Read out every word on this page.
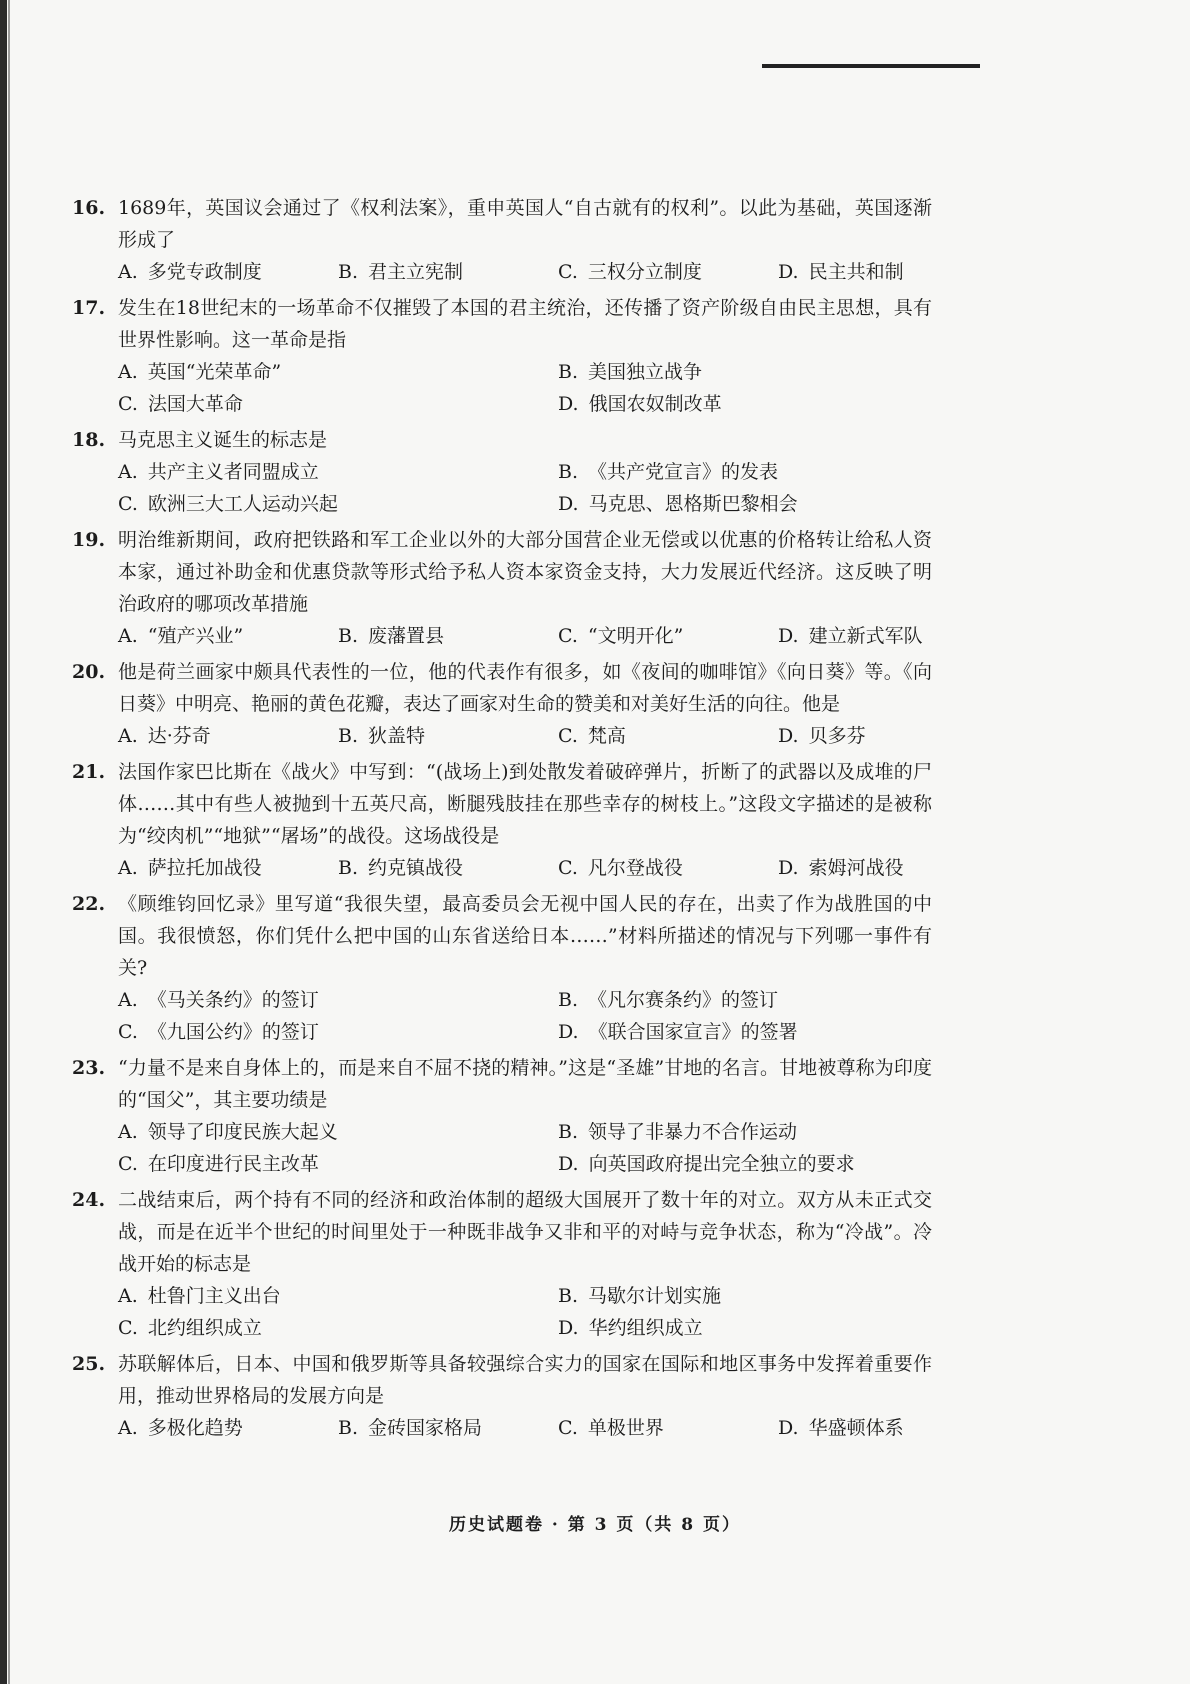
16. 1689年，英国议会通过了《权利法案》，重申英国人“自古就有的权利”。以此为基础，英国逐渐形成了
A. 多党专政制度	B. 君主立宪制	C. 三权分立制度	D. 民主共和制
17. 发生在18世纪末的一场革命不仅摧毁了本国的君主统治，还传播了资产阶级自由民主思想，具有世界性影响。这一革命是指
A. 英国“光荣革命”	B. 美国独立战争
C. 法国大革命	D. 俄国农奴制改革
18. 马克思主义诞生的标志是
A. 共产主义者同盟成立	B. 《共产党宣言》的发表
C. 欧洲三大工人运动兴起	D. 马克思、恩格斯巴黎相会
19. 明治维新期间，政府把铁路和军工企业以外的大部分国营企业无偿或以优惠的价格转让给私人资本家，通过补助金和优惠贷款等形式给予私人资本家资金支持，大力发展近代经济。这反映了明治政府的哪项改革措施
A. “殖产兴业”	B. 废藩置县	C. “文明开化”	D. 建立新式军队
20. 他是荷兰画家中颇具代表性的一位，他的代表作有很多，如《夜间的咖啡馆》《向日葵》等。《向日葵》中明亮、艳丽的黄色花瓣，表达了画家对生命的赞美和对美好生活的向往。他是
A. 达·芬奇	B. 狄盖特	C. 梵高	D. 贝多芬
21. 法国作家巴比斯在《战火》中写到：“(战场上)到处散发着破碎弹片，折断了的武器以及成堆的尸体……其中有些人被抛到十五英尺高，断腿残肢挂在那些幸存的树枝上。”这段文字描述的是被称为“绞肉机”“地狱”“屠场”的战役。这场战役是
A. 萨拉托加战役	B. 约克镇战役	C. 凡尔登战役	D. 索姆河战役
22. 《顾维钧回忆录》里写道“我很失望，最高委员会无视中国人民的存在，出卖了作为战胜国的中国。我很愤怒，你们凭什么把中国的山东省送给日本……”材料所描述的情况与下列哪一事件有关?
A. 《马关条约》的签订	B. 《凡尔赛条约》的签订
C. 《九国公约》的签订	D. 《联合国家宣言》的签署
23. “力量不是来自身体上的，而是来自不屈不挠的精神。”这是“圣雄”甘地的名言。甘地被尊称为印度的“国父”，其主要功绩是
A. 领导了印度民族大起义	B. 领导了非暴力不合作运动
C. 在印度进行民主改革	D. 向英国政府提出完全独立的要求
24. 二战结束后，两个持有不同的经济和政治体制的超级大国展开了数十年的对立。双方从未正式交战，而是在近半个世纪的时间里处于一种既非战争又非和平的对峙与竞争状态，称为“冷战”。冷战开始的标志是
A. 杜鲁门主义出台	B. 马歇尔计划实施
C. 北约组织成立	D. 华约组织成立
25. 苏联解体后，日本、中国和俄罗斯等具备较强综合实力的国家在国际和地区事务中发挥着重要作用，推动世界格局的发展方向是
A. 多极化趋势	B. 金砖国家格局	C. 单极世界	D. 华盛顿体系
历史试题卷 · 第 3 页（共 8 页）
